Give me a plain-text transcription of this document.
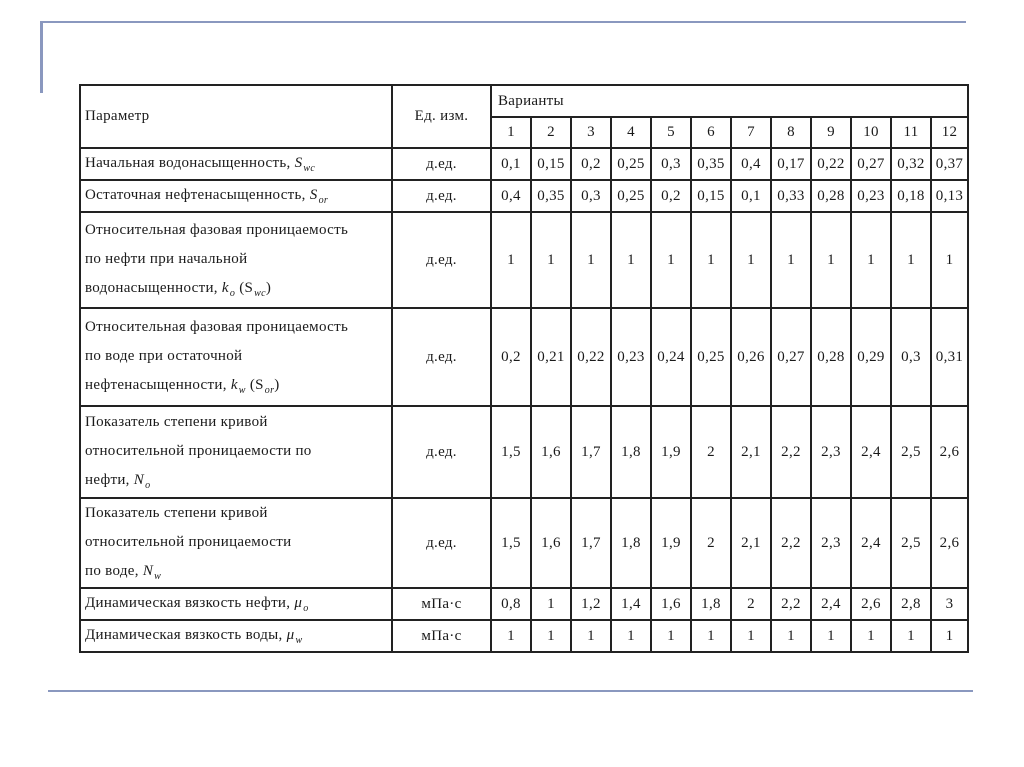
Параметр	Ед. изм.	Варианты											
		1	2	3	4	5	6	7	8	9	10	11	12

Начальная водонасыщенность, $S_{wc}$	д.ед.	0,1	0,15	0,2	0,25	0,3	0,35	0,4	0,17	0,22	0,27	0,32	0,37

Остаточная нефтенасыщенность, $S_{or}$	д.ед.	0,4	0,35	0,3	0,25	0,2	0,15	0,1	0,33	0,28	0,23	0,18	0,13

Относительная фазовая проницаемость
по нефти при начальной
водонасыщенности, $k_o$ $(S_{wc})$	д.ед.	1	1	1	1	1	1	1	1	1	1	1	1

Относительная фазовая проницаемость
по воде при остаточной
нефтенасыщенности, $k_w$ $(S_{or})$	д.ед.	0,2	0,21	0,22	0,23	0,24	0,25	0,26	0,27	0,28	0,29	0,3	0,31

Показатель степени кривой
относительной проницаемости по
нефти, $N_o$	д.ед.	1,5	1,6	1,7	1,8	1,9	2	2,1	2,2	2,3	2,4	2,5	2,6

Показатель степени кривой
относительной проницаемости
по воде, $N_w$	д.ед.	1,5	1,6	1,7	1,8	1,9	2	2,1	2,2	2,3	2,4	2,5	2,6

Динамическая вязкость нефти, $\mu_o$	мПа·с	0,8	1	1,2	1,4	1,6	1,8	2	2,2	2,4	2,6	2,8	3

Динамическая вязкость воды, $\mu_w$	мПа·с	1	1	1	1	1	1	1	1	1	1	1	1
